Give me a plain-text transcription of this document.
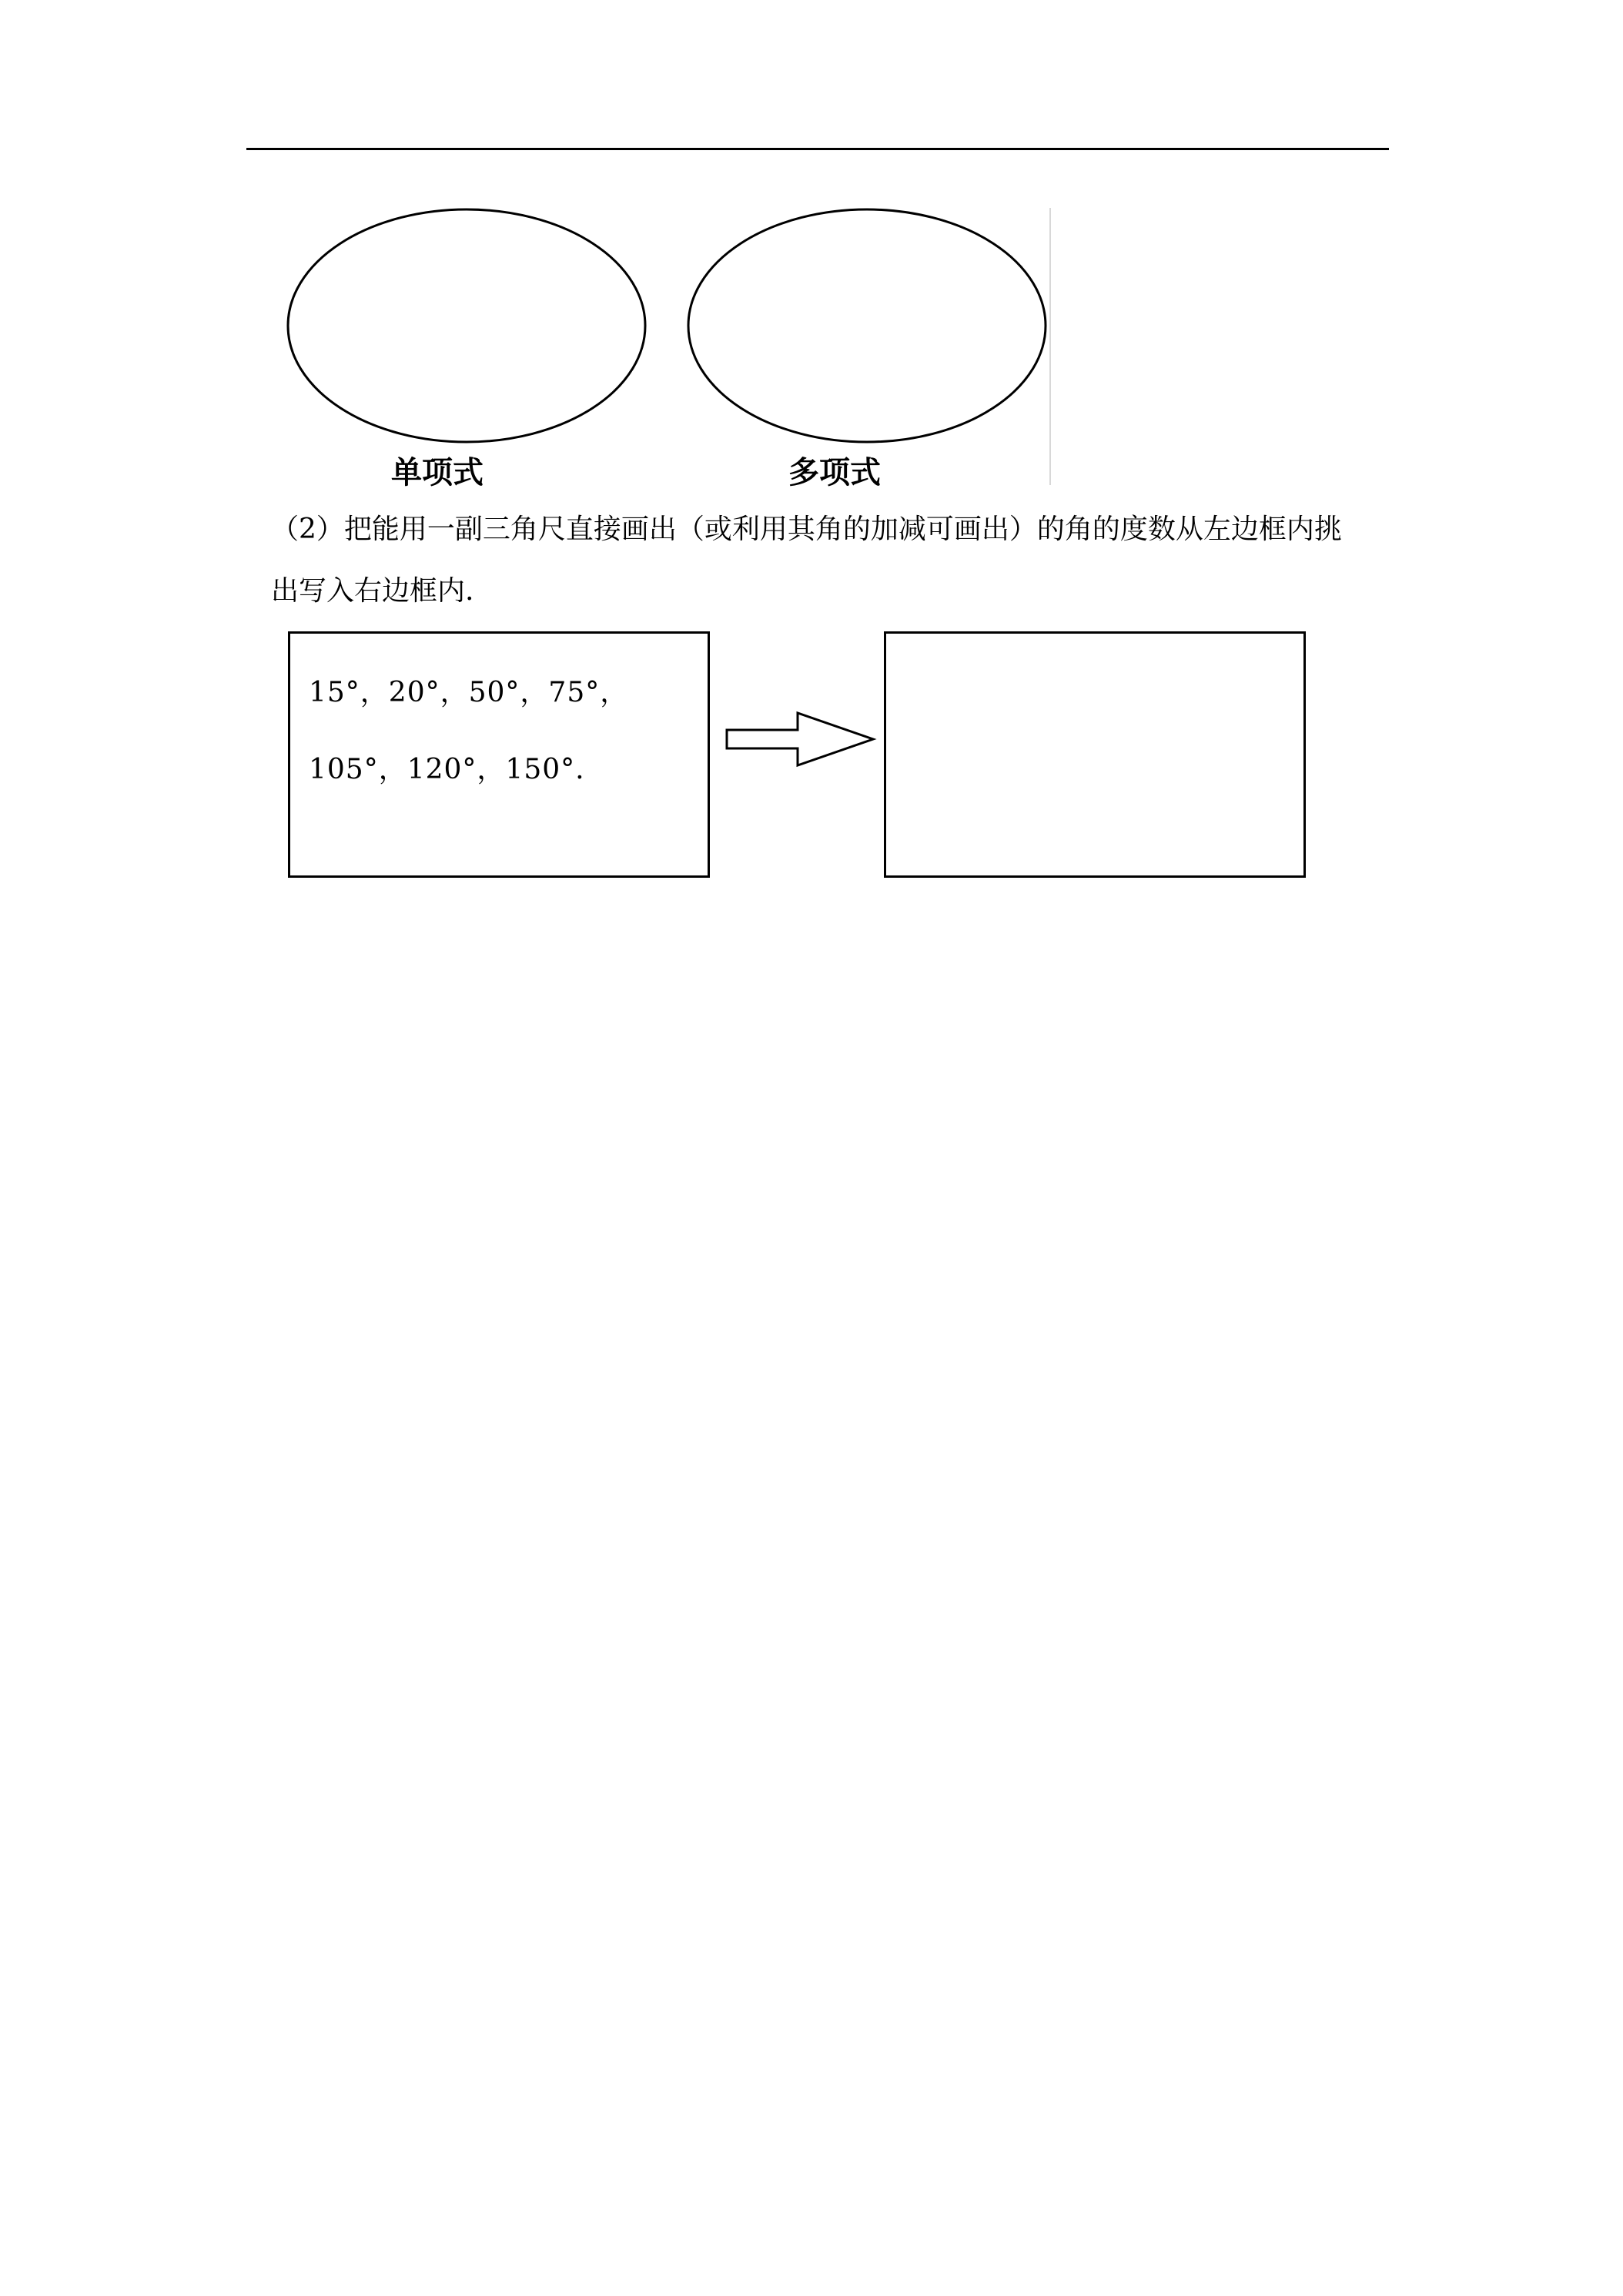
单项式	多项式
（2）把能用一副三角尺直接画出（或利用其角的加减可画出）的角的度数从左边框内挑
出写入右边框内.
15°，20°，50°，75°，
105°，120°，150°.
